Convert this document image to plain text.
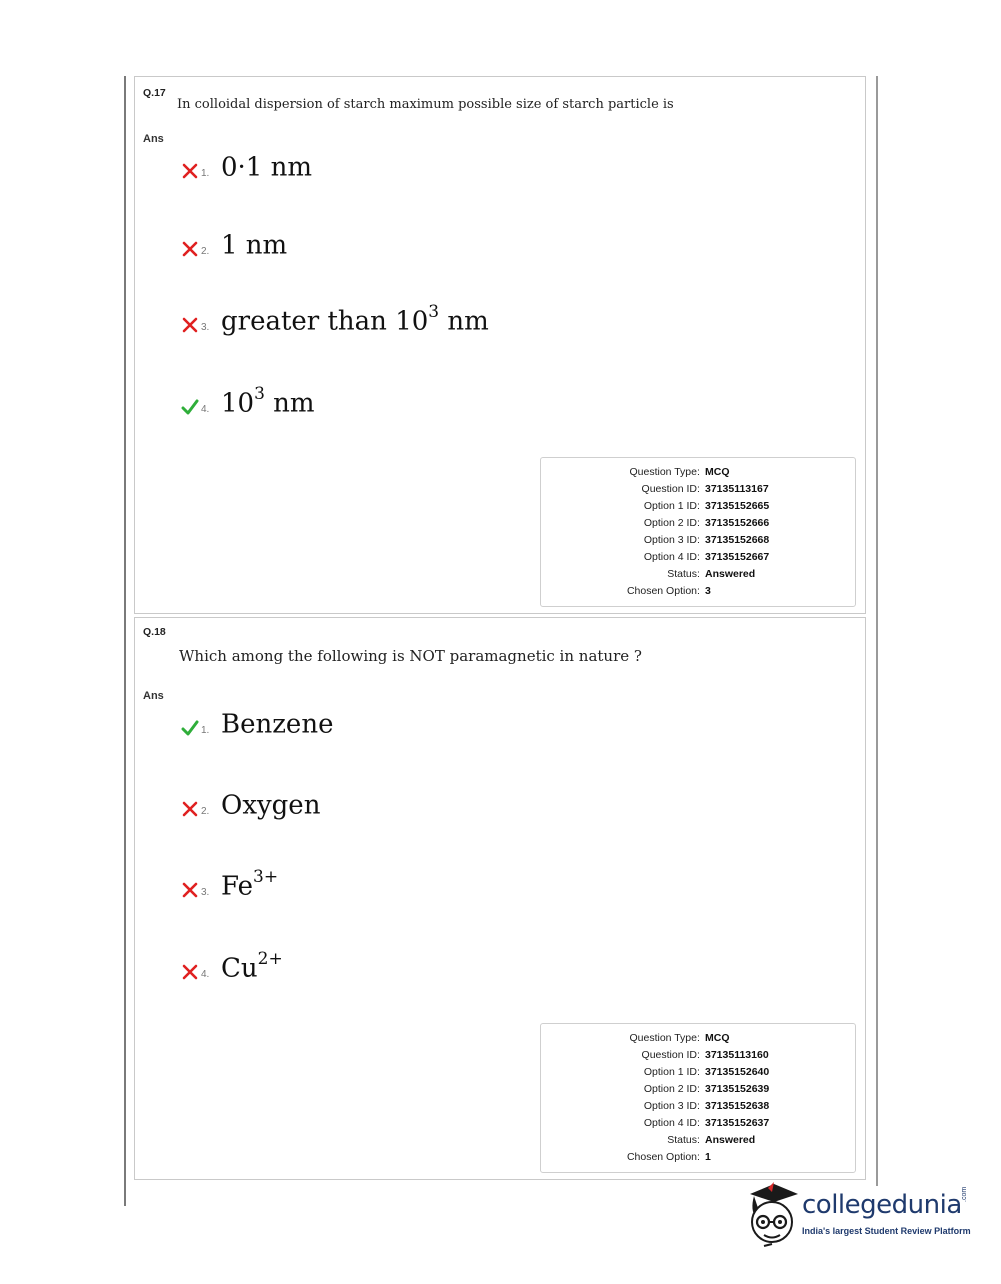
Q.17
In colloidal dispersion of starch maximum possible size of starch particle is
Ans
1. 0·1 nm
2. 1 nm
3. greater than $10^3$ nm
4. $10^3$ nm
Question Type : MCQ
Question ID : 37135113167
Option 1 ID : 37135152665
Option 2 ID : 37135152666
Option 3 ID : 37135152668
Option 4 ID : 37135152667
Status : Answered
Chosen Option : 3
Q.18
Which among the following is NOT paramagnetic in nature ?
Ans
1. Benzene
2. Oxygen
3. $Fe^{3+}$
4. $Cu^{2+}$
Question Type : MCQ
Question ID : 37135113160
Option 1 ID : 37135152640
Option 2 ID : 37135152639
Option 3 ID : 37135152638
Option 4 ID : 37135152637
Status : Answered
Chosen Option : 1
collegedunia .com
India's largest Student Review Platform
